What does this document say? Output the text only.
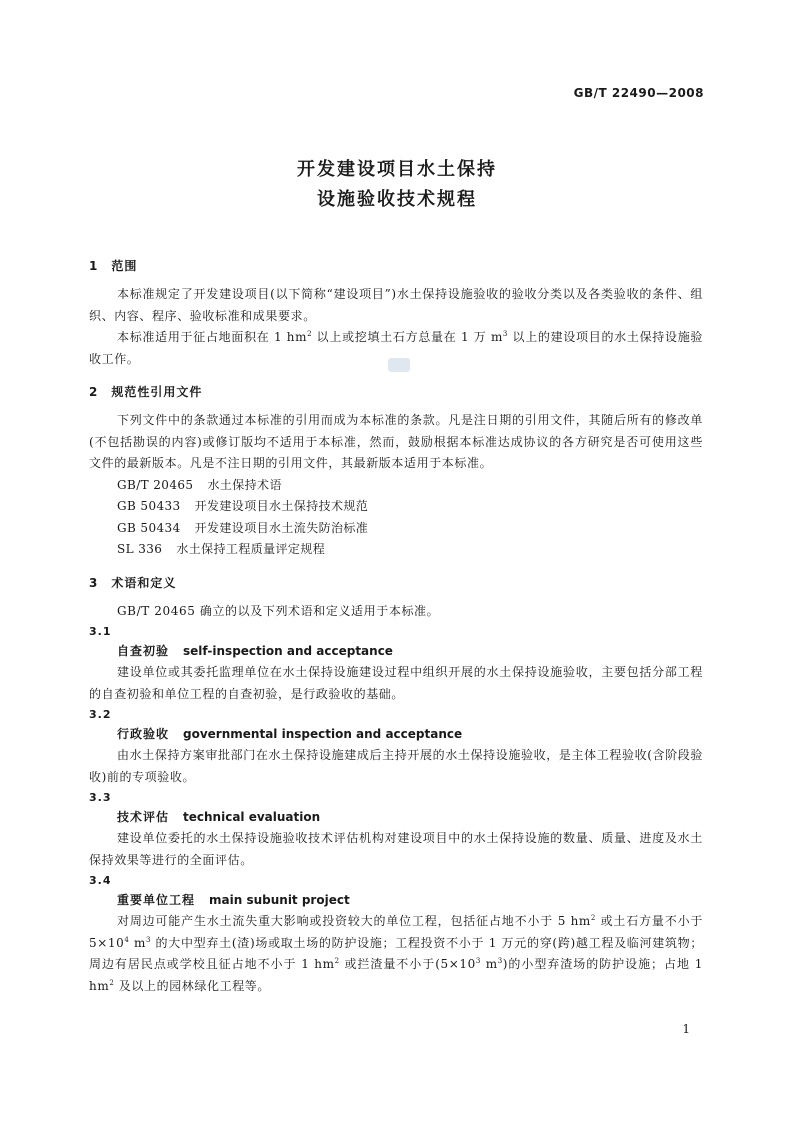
GB/T 22490—2008
开发建设项目水土保持
设施验收技术规程
1　范围
本标准规定了开发建设项目(以下简称“建设项目”)水土保持设施验收的验收分类以及各类验收的条件、组织、内容、程序、验收标准和成果要求。
本标准适用于征占地面积在 1 $hm^2$ 以上或挖填土石方总量在 1 万 $m^3$ 以上的建设项目的水土保持设施验收工作。
2　规范性引用文件
下列文件中的条款通过本标准的引用而成为本标准的条款。凡是注日期的引用文件，其随后所有的修改单(不包括勘误的内容)或修订版均不适用于本标准，然而，鼓励根据本标准达成协议的各方研究是否可使用这些文件的最新版本。凡是不注日期的引用文件，其最新版本适用于本标准。
GB/T 20465 水土保持术语
GB 50433 开发建设项目水土保持技术规范
GB 50434 开发建设项目水土流失防治标准
SL 336 水土保持工程质量评定规程
3　术语和定义
GB/T 20465 确立的以及下列术语和定义适用于本标准。
3.1
自查初验 self-inspection and acceptance
建设单位或其委托监理单位在水土保持设施建设过程中组织开展的水土保持设施验收，主要包括分部工程的自查初验和单位工程的自查初验，是行政验收的基础。
3.2
行政验收 governmental inspection and acceptance
由水土保持方案审批部门在水土保持设施建成后主持开展的水土保持设施验收，是主体工程验收(含阶段验收)前的专项验收。
3.3
技术评估 technical evaluation
建设单位委托的水土保持设施验收技术评估机构对建设项目中的水土保持设施的数量、质量、进度及水土保持效果等进行的全面评估。
3.4
重要单位工程 main subunit project
对周边可能产生水土流失重大影响或投资较大的单位工程，包括征占地不小于 5 $hm^2$ 或土石方量不小于 $5\times 10^4$ $m^3$ 的大中型弃土(渣)场或取土场的防护设施；工程投资不小于 1 万元的穿(跨)越工程及临河建筑物；周边有居民点或学校且征占地不小于 1 $hm^2$ 或拦渣量不小于($5\times 10^3$ $m^3$)的小型弃渣场的防护设施；占地 1 $hm^2$ 及以上的园林绿化工程等。
1
